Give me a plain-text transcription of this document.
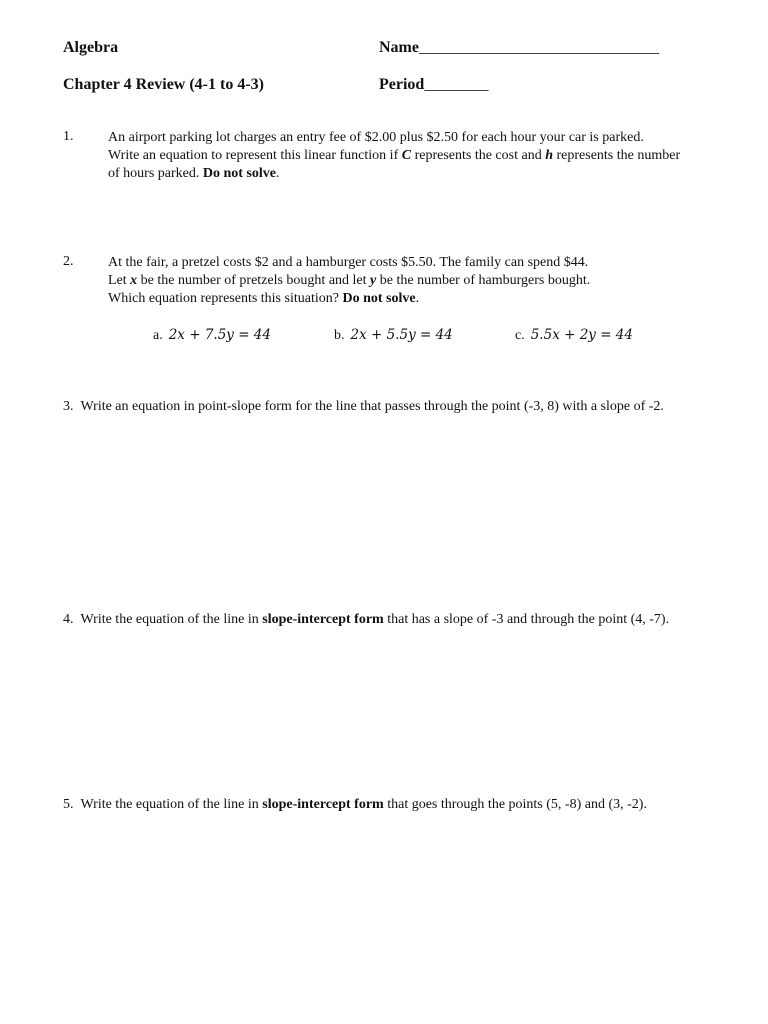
Algebra	Name______________________________
Chapter 4 Review (4-1 to 4-3)	Period________
1. An airport parking lot charges an entry fee of $2.00 plus $2.50 for each hour your car is parked.
Write an equation to represent this linear function if C represents the cost and h represents the number
of hours parked. Do not solve.
2. At the fair, a pretzel costs $2 and a hamburger costs $5.50. The family can spend $44.
Let x be the number of pretzels bought and let y be the number of hamburgers bought.
Which equation represents this situation? Do not solve.
a. 2x + 7.5y = 44	b. 2x + 5.5y = 44	c. 5.5x + 2y = 44
3. Write an equation in point-slope form for the line that passes through the point (-3, 8) with a slope of -2.
4. Write the equation of the line in slope-intercept form that has a slope of -3 and through the point (4, -7).
5. Write the equation of the line in slope-intercept form that goes through the points (5, -8) and (3, -2).
